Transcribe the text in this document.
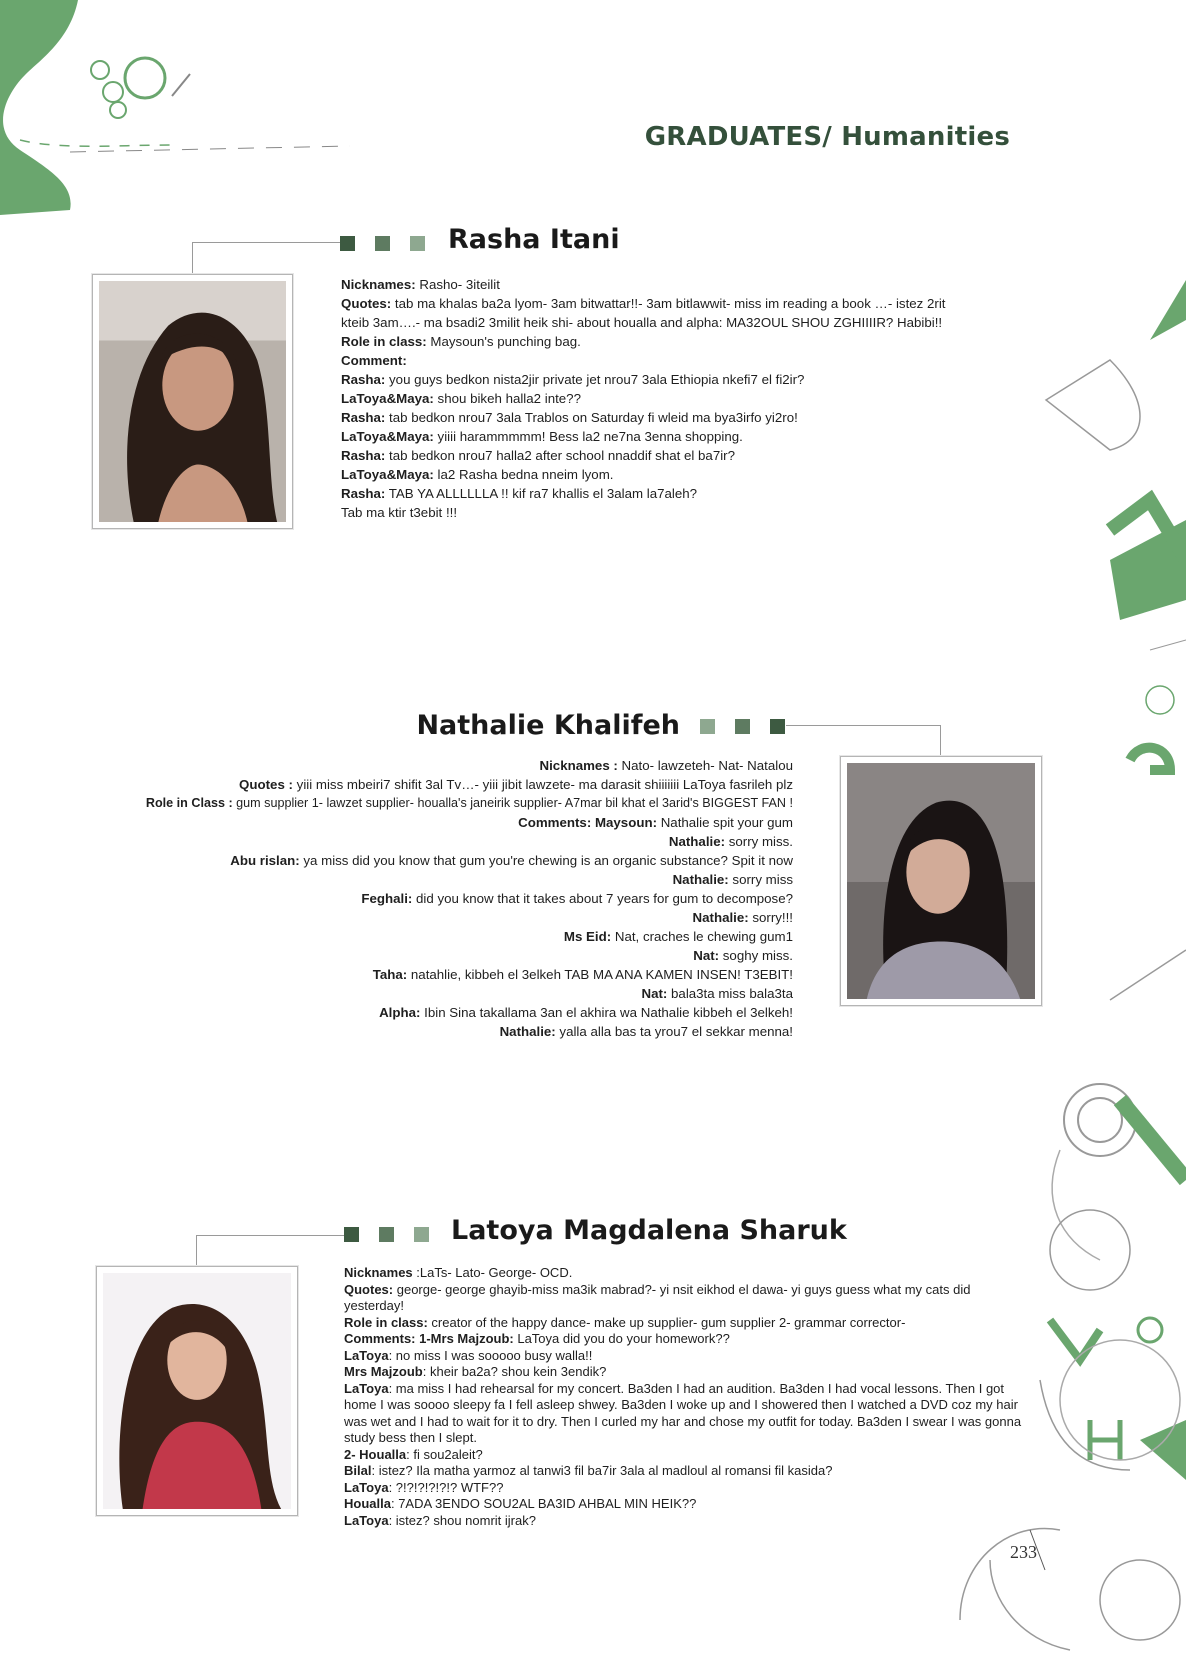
GRADUATES/ Humanities
Rasha Itani
Nicknames: Rasho- 3iteilit
Quotes: tab ma khalas ba2a lyom- 3am bitwattar!!- 3am bitlawwit- miss im reading a book …- istez 2rit
kteib 3am….- ma bsadi2 3milit heik shi- about houalla and alpha: MA32OUL SHOU ZGHIIIIR? Habibi!!
Role in class: Maysoun's punching bag.
Comment:
Rasha: you guys bedkon nista2jir private jet nrou7 3ala Ethiopia nkefi7 el fi2ir?
LaToya&Maya: shou bikeh halla2 inte??
Rasha: tab bedkon nrou7 3ala Trablos on Saturday fi wleid ma bya3irfo yi2ro!
LaToya&Maya: yiiii harammmmm! Bess la2 ne7na 3enna shopping.
Rasha: tab bedkon nrou7 halla2 after school nnaddif shat el ba7ir?
LaToya&Maya: la2 Rasha bedna nneim lyom.
Rasha: TAB YA ALLLLLLA !! kif ra7 khallis el 3alam la7aleh?
Tab ma ktir t3ebit !!!
Nathalie Khalifeh
Nicknames : Nato- lawzeteh- Nat- Natalou
Quotes : yiii miss mbeiri7 shifit 3al Tv…- yiii jibit lawzete- ma darasit shiiiiiii LaToya fasrileh plz
Role in Class : gum supplier 1- lawzet supplier- houalla's janeirik supplier- A7mar bil khat el 3arid's BIGGEST FAN !
Comments: Maysoun: Nathalie spit your gum
Nathalie: sorry miss.
Abu rislan: ya miss did you know that gum you're chewing is an organic substance? Spit it now
Nathalie: sorry miss
Feghali: did you know that it takes about 7 years for gum to decompose?
Nathalie: sorry!!!
Ms Eid: Nat, craches le chewing gum1
Nat: soghy miss.
Taha: natahlie, kibbeh el 3elkeh TAB MA ANA KAMEN INSEN! T3EBIT!
Nat: bala3ta miss bala3ta
Alpha: Ibin Sina takallama 3an el akhira wa Nathalie kibbeh el 3elkeh!
Nathalie: yalla alla bas ta yrou7 el sekkar menna!
Latoya Magdalena Sharuk
Nicknames :LaTs- Lato- George- OCD.
Quotes: george- george ghayib-miss ma3ik mabrad?- yi nsit eikhod el dawa- yi guys guess what my cats did yesterday!
Role in class: creator of the happy dance- make up supplier- gum supplier 2- grammar corrector-
Comments: 1-Mrs Majzoub: LaToya did you do your homework??
LaToya: no miss I was sooooo busy walla!!
Mrs Majzoub: kheir ba2a? shou kein 3endik?
LaToya: ma miss I had rehearsal for my concert. Ba3den I had an audition. Ba3den I had vocal lessons. Then I got home I was soooo sleepy fa I fell asleep shwey. Ba3den I woke up and I showered then I watched a DVD coz my hair was wet and I had to wait for it to dry. Then I curled my har and chose my outfit for today. Ba3den I swear I was gonna study bess then I slept.
2- Houalla: fi sou2aleit?
Bilal: istez? Ila matha yarmoz al tanwi3 fil ba7ir 3ala al madloul al romansi fil kasida?
LaToya: ?!?!?!?!?!? WTF??
Houalla: 7ADA 3ENDO SOU2AL BA3ID AHBAL MIN HEIK??
LaToya: istez? shou nomrit ijrak?

233
